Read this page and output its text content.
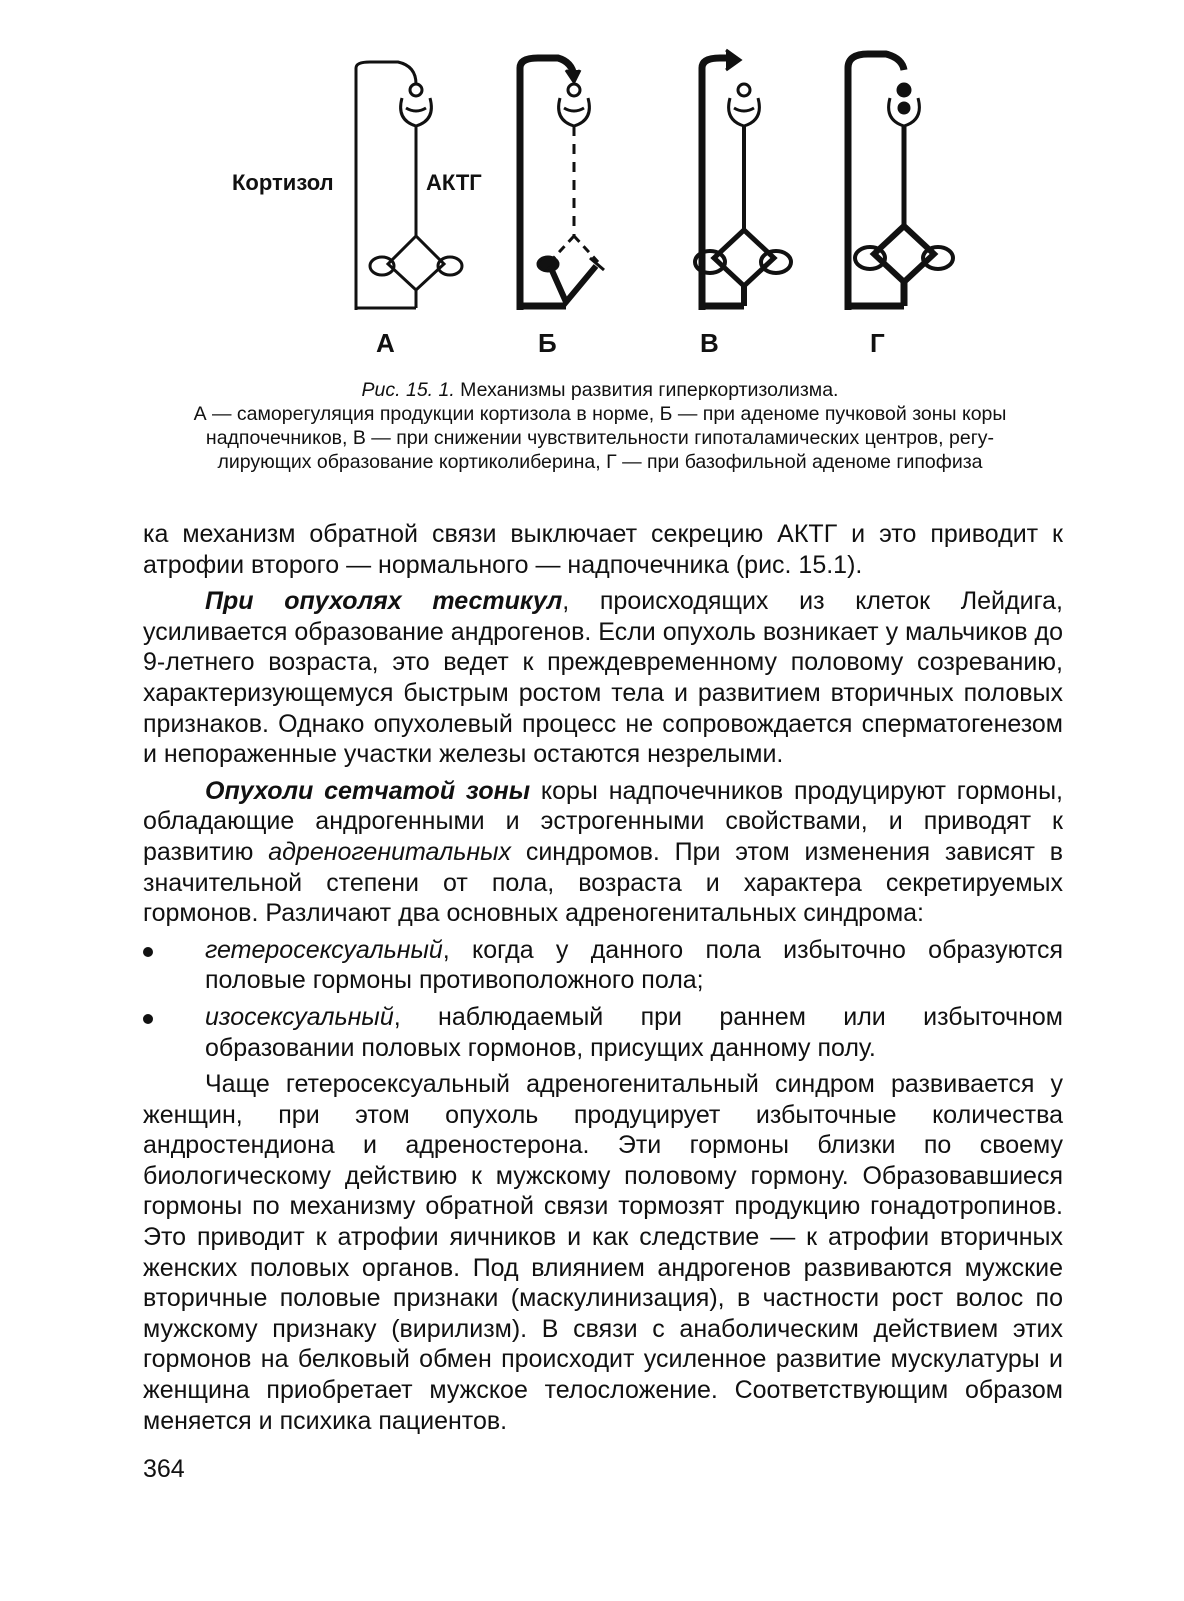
Кортизол	АКТГ
А	Б	В	Г
Рис. 15. 1. Механизмы развития гиперкортизолизма.
А — саморегуляция продукции кортизола в норме, Б — при аденоме пучковой зоны коры
надпочечников, В — при снижении чувствительности гипоталамических центров, регу-
лирующих образование кортиколиберина, Г — при базофильной аденоме гипофиза

ка механизм обратной связи выключает секрецию АКТГ и это приводит к атрофии второго — нормального — надпочечника (рис. 15.1).

При опухолях тестикул, происходящих из клеток Лейдига, усиливается образование андрогенов. Если опухоль возникает у мальчиков до 9-летнего возраста, это ведет к преждевременному половому созреванию, характеризующемуся быстрым ростом тела и развитием вторичных половых признаков. Однако опухолевый процесс не сопровождается сперматогенезом и непораженные участки железы остаются незрелыми.

Опухоли сетчатой зоны коры надпочечников продуцируют гормоны, обладающие андрогенными и эстрогенными свойствами, и приводят к развитию адреногенитальных синдромов. При этом изменения зависят в значительной степени от пола, возраста и характера секретируемых гормонов. Различают два основных адреногенитальных синдрома:

гетеросексуальный, когда у данного пола избыточно образуются половые гормоны противоположного пола;
изосексуальный, наблюдаемый при раннем или избыточном образовании половых гормонов, присущих данному полу.

Чаще гетеросексуальный адреногенитальный синдром развивается у женщин, при этом опухоль продуцирует избыточные количества андростендиона и адреностерона. Эти гормоны близки по своему биологическому действию к мужскому половому гормону. Образовавшиеся гормоны по механизму обратной связи тормозят продукцию гонадотропинов. Это приводит к атрофии яичников и как следствие — к атрофии вторичных женских половых органов. Под влиянием андрогенов развиваются мужские вторичные половые признаки (маскулинизация), в частности рост волос по мужскому признаку (вирилизм). В связи с анаболическим действием этих гормонов на белковый обмен происходит усиленное развитие мускулатуры и женщина приобретает мужское телосложение. Соответствующим образом меняется и психика пациентов.

364
